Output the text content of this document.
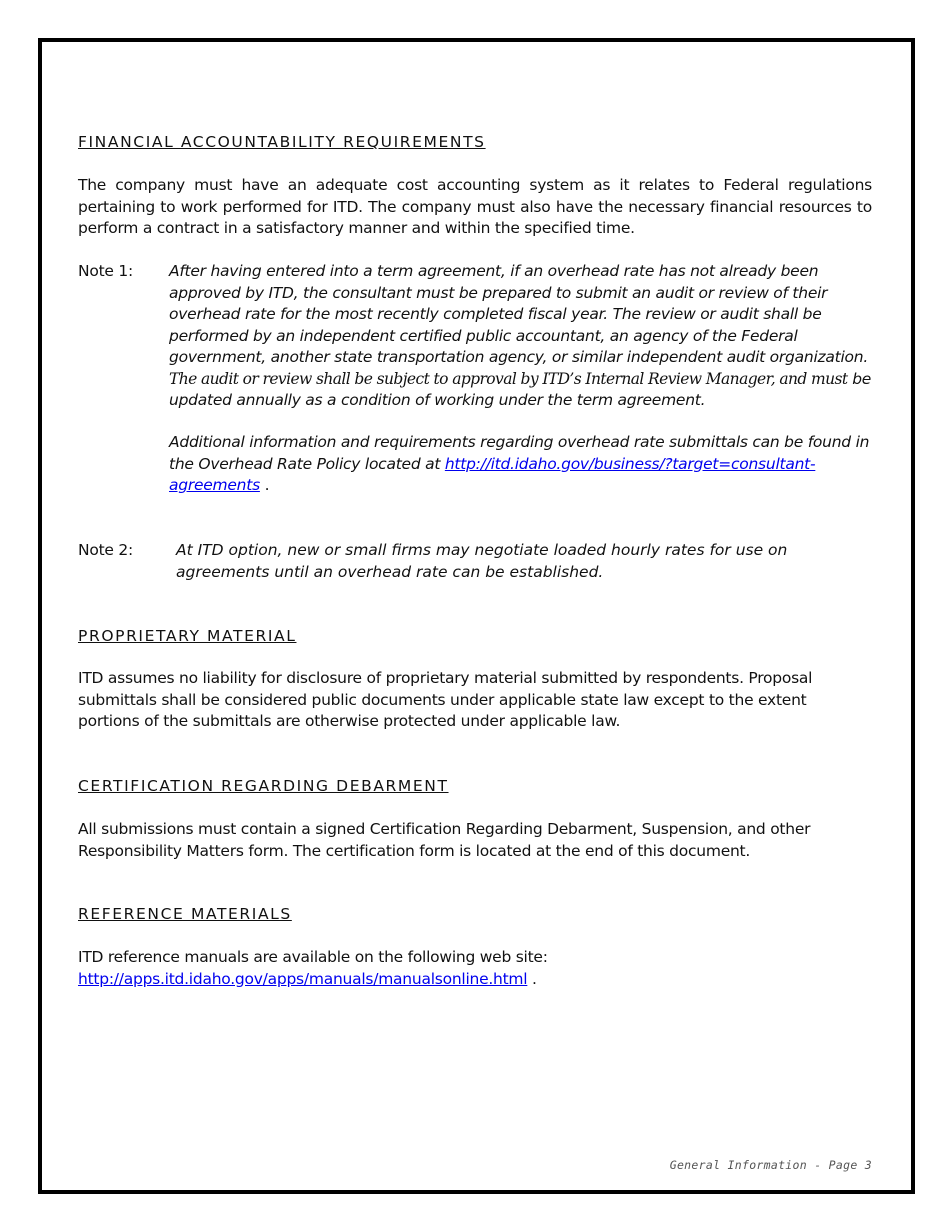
FINANCIAL ACCOUNTABILITY REQUIREMENTS

The company must have an adequate cost accounting system as it relates to Federal regulations pertaining to work performed for ITD. The company must also have the necessary financial resources to perform a contract in a satisfactory manner and within the specified time.

Note 1: After having entered into a term agreement, if an overhead rate has not already been approved by ITD, the consultant must be prepared to submit an audit or review of their overhead rate for the most recently completed fiscal year. The review or audit shall be performed by an independent certified public accountant, an agency of the Federal government, another state transportation agency, or similar independent audit organization. The audit or review shall be subject to approval by ITD’s Internal Review Manager, and must be updated annually as a condition of working under the term agreement.
Additional information and requirements regarding overhead rate submittals can be found in the Overhead Rate Policy located at http://itd.idaho.gov/business/?target=consultant-agreements .

Note 2:	At ITD option, new or small firms may negotiate loaded hourly rates for use on agreements until an overhead rate can be established.

PROPRIETARY MATERIAL

ITD assumes no liability for disclosure of proprietary material submitted by respondents. Proposal submittals shall be considered public documents under applicable state law except to the extent portions of the submittals are otherwise protected under applicable law.

CERTIFICATION REGARDING DEBARMENT

All submissions must contain a signed Certification Regarding Debarment, Suspension, and other Responsibility Matters form. The certification form is located at the end of this document.

REFERENCE MATERIALS
ITD reference manuals are available on the following web site:
http://apps.itd.idaho.gov/apps/manuals/manualsonline.html .
General Information - Page 3
